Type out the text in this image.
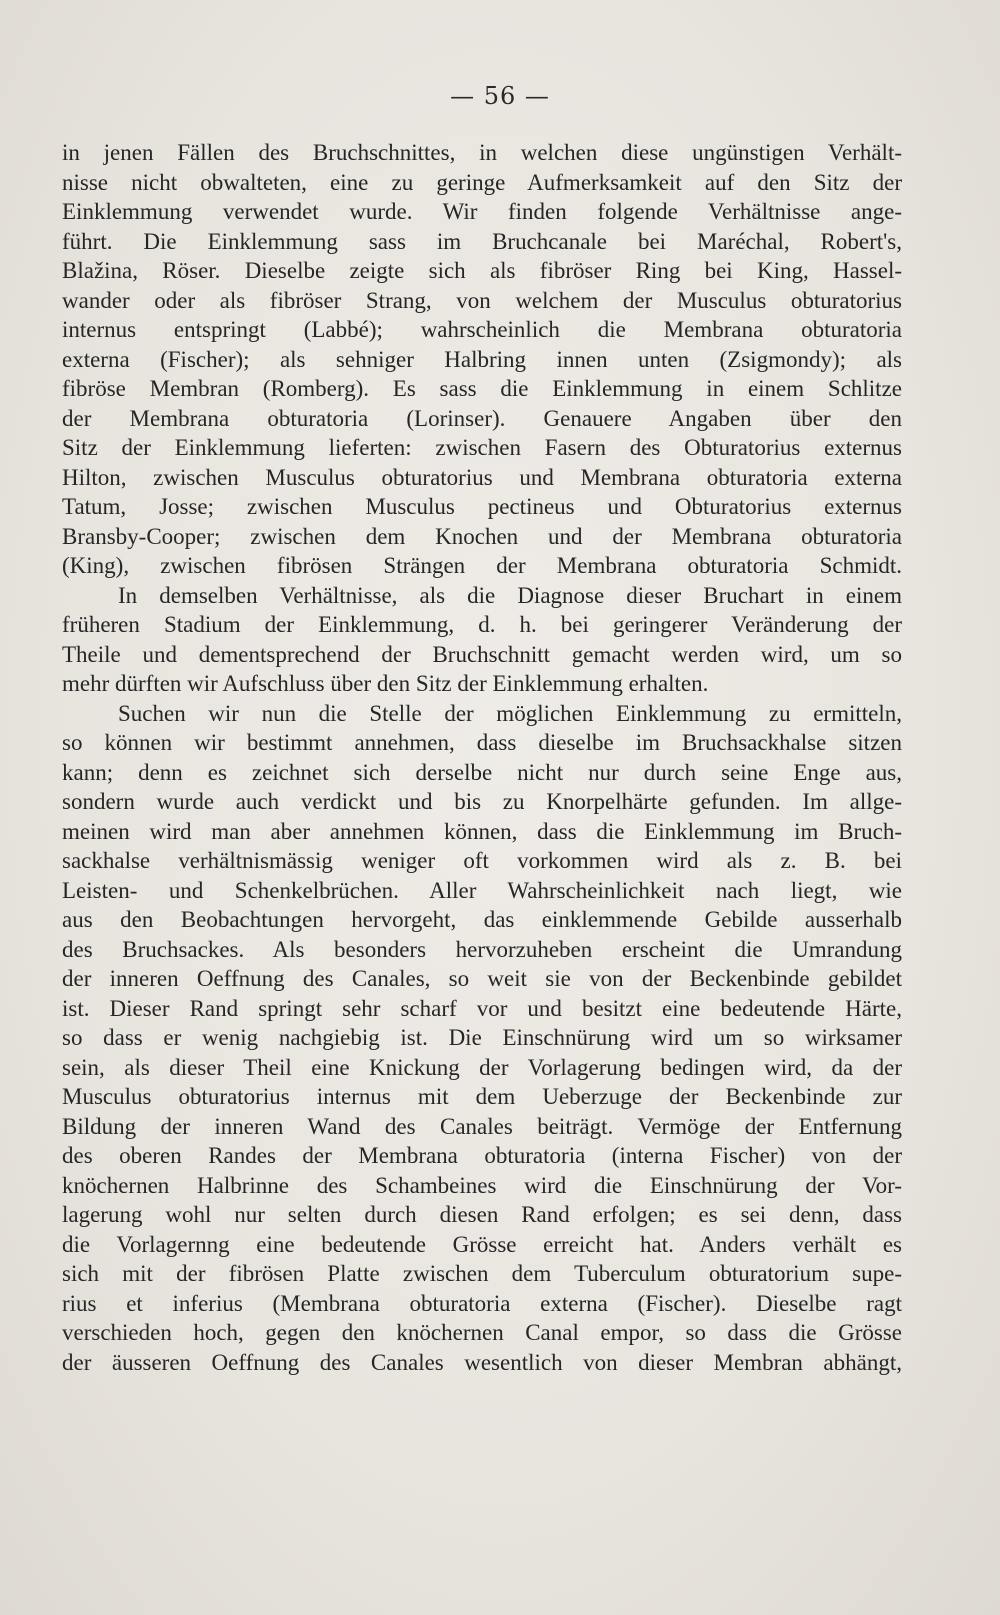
— 56 —
in jenen Fällen des Bruchschnittes, in welchen diese ungünstigen Verhält-
nisse nicht obwalteten, eine zu geringe Aufmerksamkeit auf den Sitz der
Einklemmung verwendet wurde. Wir finden folgende Verhältnisse ange-
führt. Die Einklemmung sass im Bruchcanale bei Maréchal, Robert's,
Blažina, Röser. Dieselbe zeigte sich als fibröser Ring bei King, Hassel-
wander oder als fibröser Strang, von welchem der Musculus obturatorius
internus entspringt (Labbé); wahrscheinlich die Membrana obturatoria
externa (Fischer); als sehniger Halbring innen unten (Zsigmondy); als
fibröse Membran (Romberg). Es sass die Einklemmung in einem Schlitze
der Membrana obturatoria (Lorinser). Genauere Angaben über den
Sitz der Einklemmung lieferten: zwischen Fasern des Obturatorius externus
Hilton, zwischen Musculus obturatorius und Membrana obturatoria externa
Tatum, Josse; zwischen Musculus pectineus und Obturatorius externus
Bransby-Cooper; zwischen dem Knochen und der Membrana obturatoria
(King), zwischen fibrösen Strängen der Membrana obturatoria Schmidt.
In demselben Verhältnisse, als die Diagnose dieser Bruchart in einem
früheren Stadium der Einklemmung, d. h. bei geringerer Veränderung der
Theile und dementsprechend der Bruchschnitt gemacht werden wird, um so
mehr dürften wir Aufschluss über den Sitz der Einklemmung erhalten.
Suchen wir nun die Stelle der möglichen Einklemmung zu ermitteln,
so können wir bestimmt annehmen, dass dieselbe im Bruchsackhalse sitzen
kann; denn es zeichnet sich derselbe nicht nur durch seine Enge aus,
sondern wurde auch verdickt und bis zu Knorpelhärte gefunden. Im allge-
meinen wird man aber annehmen können, dass die Einklemmung im Bruch-
sackhalse verhältnismässig weniger oft vorkommen wird als z. B. bei
Leisten- und Schenkelbrüchen. Aller Wahrscheinlichkeit nach liegt, wie
aus den Beobachtungen hervorgeht, das einklemmende Gebilde ausserhalb
des Bruchsackes. Als besonders hervorzuheben erscheint die Umrandung
der inneren Oeffnung des Canales, so weit sie von der Beckenbinde gebildet
ist. Dieser Rand springt sehr scharf vor und besitzt eine bedeutende Härte,
so dass er wenig nachgiebig ist. Die Einschnürung wird um so wirksamer
sein, als dieser Theil eine Knickung der Vorlagerung bedingen wird, da der
Musculus obturatorius internus mit dem Ueberzuge der Beckenbinde zur
Bildung der inneren Wand des Canales beiträgt. Vermöge der Entfernung
des oberen Randes der Membrana obturatoria (interna Fischer) von der
knöchernen Halbrinne des Schambeines wird die Einschnürung der Vor-
lagerung wohl nur selten durch diesen Rand erfolgen; es sei denn, dass
die Vorlagernng eine bedeutende Grösse erreicht hat. Anders verhält es
sich mit der fibrösen Platte zwischen dem Tuberculum obturatorium supe-
rius et inferius (Membrana obturatoria externa (Fischer). Dieselbe ragt
verschieden hoch, gegen den knöchernen Canal empor, so dass die Grösse
der äusseren Oeffnung des Canales wesentlich von dieser Membran abhängt,
